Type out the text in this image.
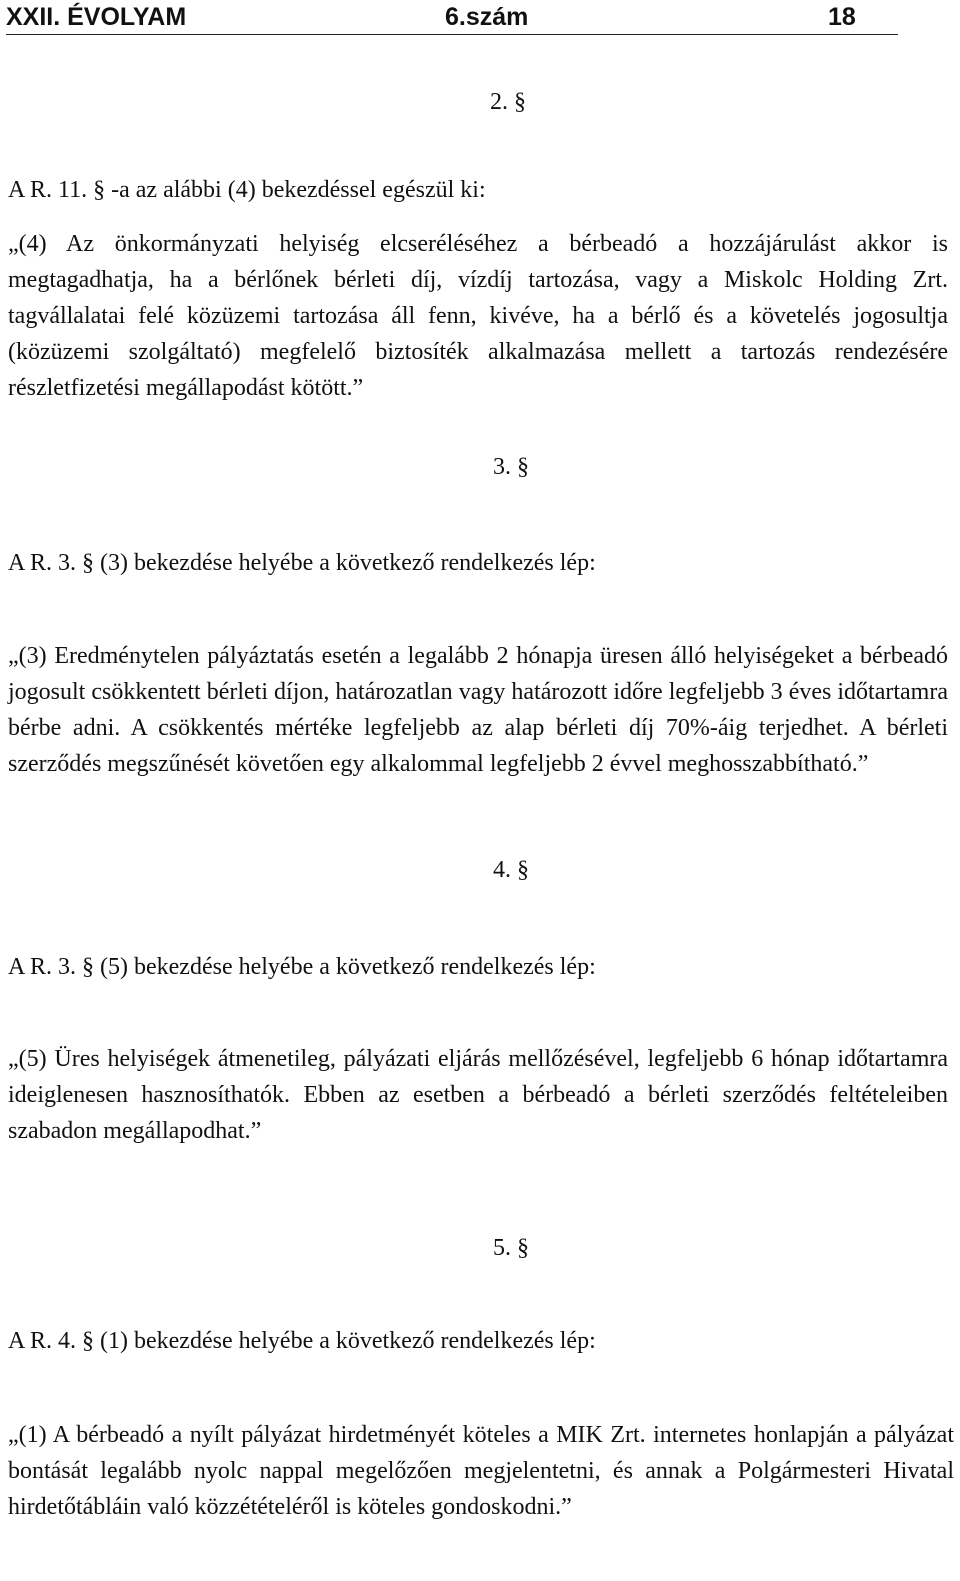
XXII. ÉVOLYAM	6.szám	18
2. §
A R. 11. § -a az alábbi (4) bekezdéssel egészül ki:
„(4) Az önkormányzati helyiség elcseréléséhez a bérbeadó a hozzájárulást akkor is megtagadhatja, ha a bérlőnek bérleti díj, vízdíj tartozása, vagy a Miskolc Holding Zrt. tagvállalatai felé közüzemi tartozása áll fenn, kivéve, ha a bérlő és a követelés jogosultja (közüzemi szolgáltató) megfelelő biztosíték alkalmazása mellett a tartozás rendezésére részletfizetési megállapodást kötött.”
3. §
A R. 3. § (3) bekezdése helyébe a következő rendelkezés lép:
„(3) Eredménytelen pályáztatás esetén a legalább 2 hónapja üresen álló helyiségeket a bérbeadó jogosult csökkentett bérleti díjon, határozatlan vagy határozott időre legfeljebb 3 éves időtartamra bérbe adni. A csökkentés mértéke legfeljebb az alap bérleti díj 70%-áig terjedhet. A bérleti szerződés megszűnését követően egy alkalommal legfeljebb 2 évvel meghosszabbítható.”
4. §
A R. 3. § (5) bekezdése helyébe a következő rendelkezés lép:
„(5) Üres helyiségek átmenetileg, pályázati eljárás mellőzésével, legfeljebb 6 hónap időtartamra ideiglenesen hasznosíthatók. Ebben az esetben a bérbeadó a bérleti szerződés feltételeiben szabadon megállapodhat.”
5. §
A R. 4. § (1) bekezdése helyébe a következő rendelkezés lép:
„(1) A bérbeadó a nyílt pályázat hirdetményét köteles a MIK Zrt. internetes honlapján a pályázat bontását legalább nyolc nappal megelőzően megjelentetni, és annak a Polgármesteri Hivatal hirdetőtábláin való közzétételéről is köteles gondoskodni.”
